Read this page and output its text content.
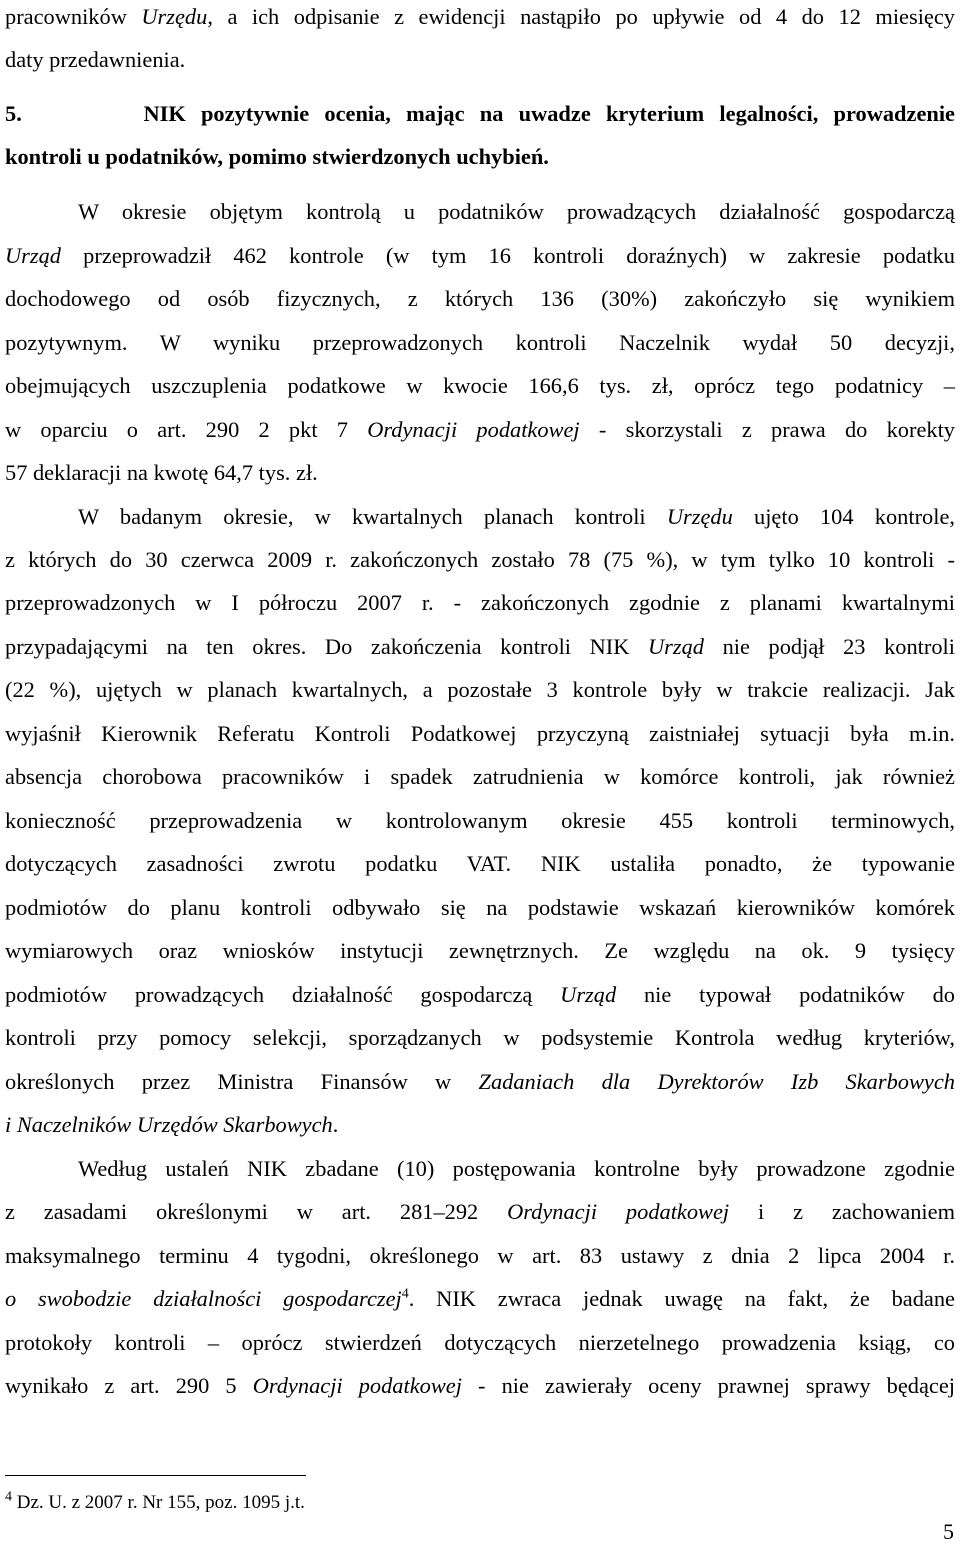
pracowników Urzędu, a ich odpisanie z ewidencji nastąpiło po upływie od 4 do 12 miesięcy
daty przedawnienia.
5.        NIK pozytywnie ocenia, mając na uwadze kryterium legalności, prowadzenie
kontroli u podatników, pomimo stwierdzonych uchybień.
W okresie objętym kontrolą u podatników prowadzących działalność gospodarczą
Urząd przeprowadził 462 kontrole (w tym 16 kontroli doraźnych) w zakresie podatku
dochodowego od osób fizycznych, z których 136 (30%) zakończyło się wynikiem
pozytywnym. W wyniku przeprowadzonych kontroli Naczelnik wydał 50 decyzji,
obejmujących uszczuplenia podatkowe w kwocie 166,6 tys. zł, oprócz tego podatnicy –
w oparciu o art. 290 2 pkt 7 Ordynacji podatkowej - skorzystali z prawa do korekty
57 deklaracji na kwotę 64,7 tys. zł.
W badanym okresie, w kwartalnych planach kontroli Urzędu ujęto 104 kontrole,
z których do 30 czerwca 2009 r. zakończonych zostało 78 (75 %), w tym tylko 10 kontroli -
przeprowadzonych w I półroczu 2007 r. - zakończonych zgodnie z planami kwartalnymi
przypadającymi na ten okres. Do zakończenia kontroli NIK Urząd nie podjął 23 kontroli
(22 %), ujętych w planach kwartalnych, a pozostałe 3 kontrole były w trakcie realizacji. Jak
wyjaśnił Kierownik Referatu Kontroli Podatkowej przyczyną zaistniałej sytuacji była m.in.
absencja chorobowa pracowników i spadek zatrudnienia w komórce kontroli, jak również
konieczność przeprowadzenia w kontrolowanym okresie 455 kontroli terminowych,
dotyczących zasadności zwrotu podatku VAT. NIK ustaliła ponadto, że typowanie
podmiotów do planu kontroli odbywało się na podstawie wskazań kierowników komórek
wymiarowych oraz wniosków instytucji zewnętrznych. Ze względu na ok. 9 tysięcy
podmiotów prowadzących działalność gospodarczą Urząd nie typował podatników do
kontroli przy pomocy selekcji, sporządzanych w podsystemie Kontrola według kryteriów,
określonych przez Ministra Finansów w Zadaniach dla Dyrektorów Izb Skarbowych
i Naczelników Urzędów Skarbowych.
Według ustaleń NIK zbadane (10) postępowania kontrolne były prowadzone zgodnie
z zasadami określonymi w art. 281–292 Ordynacji podatkowej i z zachowaniem
maksymalnego terminu 4 tygodni, określonego w art. 83 ustawy z dnia 2 lipca 2004 r.
o swobodzie działalności gospodarczej$^4$. NIK zwraca jednak uwagę na fakt, że badane
protokoły kontroli – oprócz stwierdzeń dotyczących nierzetelnego prowadzenia ksiąg, co
wynikało z art. 290 5 Ordynacji podatkowej - nie zawierały oceny prawnej sprawy będącej
$^4$ Dz. U. z 2007 r. Nr 155, poz. 1095 j.t.
5
